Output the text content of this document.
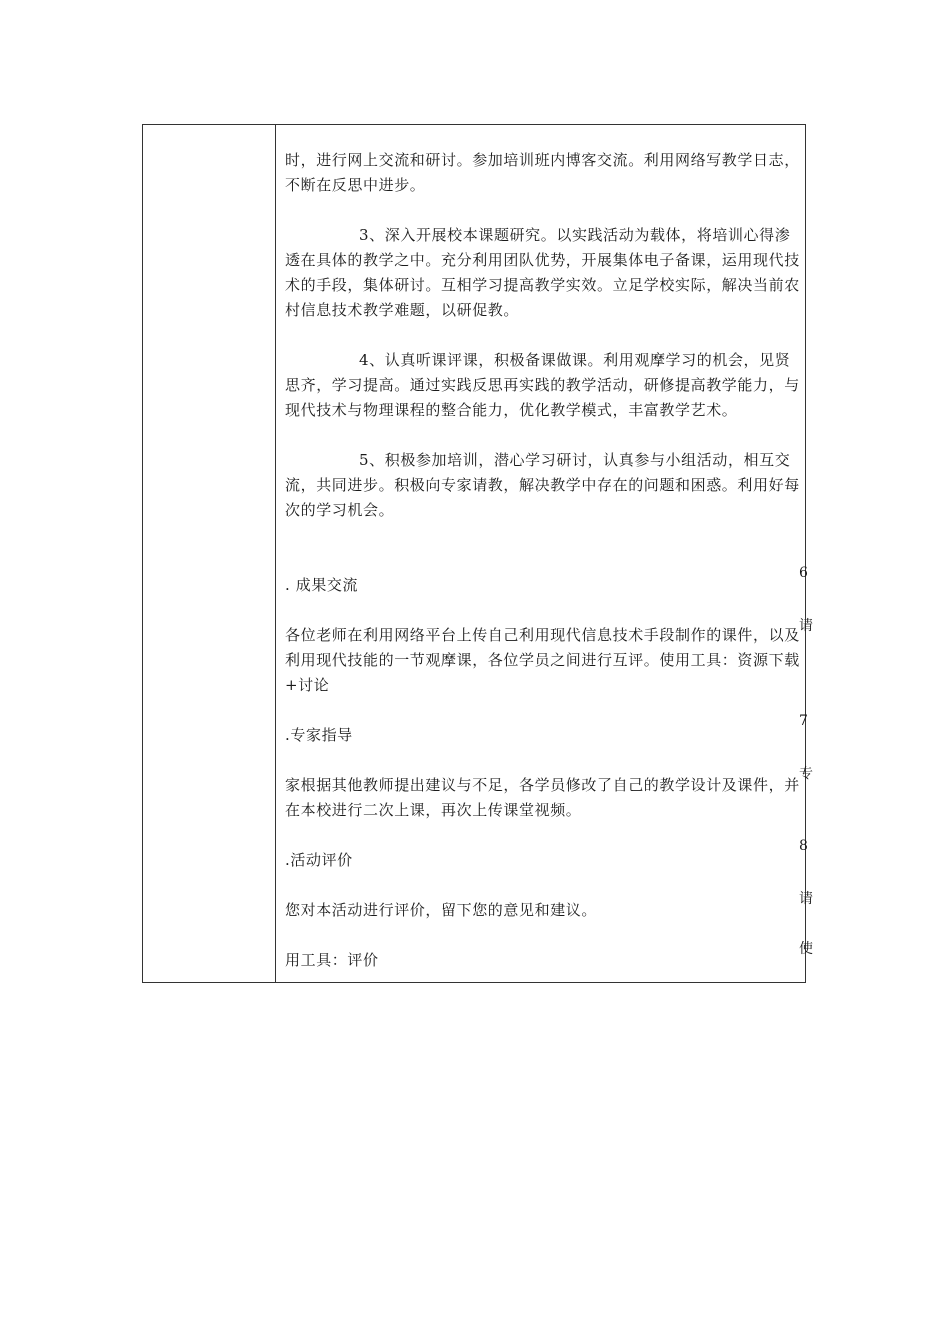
时，进行网上交流和研讨。参加培训班内博客交流。利用网络写教学日志，不断在反思中进步。

3、深入开展校本课题研究。以实践活动为载体，将培训心得渗透在具体的教学之中。充分利用团队优势，开展集体电子备课，运用现代技术的手段，集体研讨。互相学习提高教学实效。立足学校实际，解决当前农村信息技术教学难题，以研促教。

4、认真听课评课，积极备课做课。利用观摩学习的机会，见贤思齐，学习提高。通过实践反思再实践的教学活动，研修提高教学能力，与现代技术与物理课程的整合能力，优化教学模式，丰富教学艺术。

5、积极参加培训，潜心学习研讨，认真参与小组活动，相互交流，共同进步。积极向专家请教，解决教学中存在的问题和困惑。利用好每次的学习机会。

. 成果交流

各位老师在利用网络平台上传自己利用现代信息技术手段制作的课件，以及利用现代技能的一节观摩课，各位学员之间进行互评。使用工具：资源下载+讨论

.专家指导

家根据其他教师提出建议与不足，各学员修改了自己的教学设计及课件，并在本校进行二次上课，再次上传课堂视频。

.活动评价

您对本活动进行评价，留下您的意见和建议。

用工具：评价

6
请
7
专
8
请
使
